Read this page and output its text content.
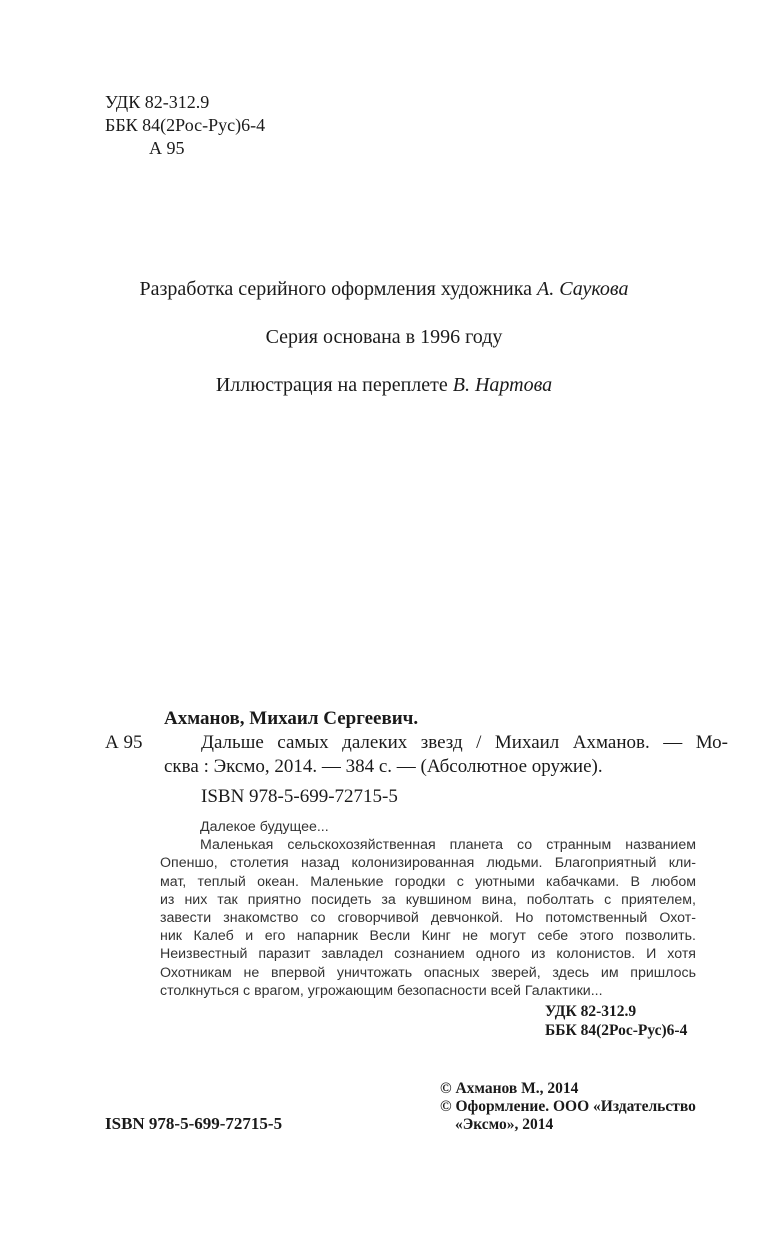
УДК 82-312.9
ББК 84(2Рос-Рус)6-4
А 95
Разработка серийного оформления художника А. Саукова
Серия основана в 1996 году
Иллюстрация на переплете В. Нартова
Ахманов, Михаил Сергеевич.
А 95	Дальше самых далеких звезд / Михаил Ахманов. — Мо-
сква : Эксмо, 2014. — 384 с. — (Абсолютное оружие).
ISBN 978-5-699-72715-5
Далекое будущее...
Маленькая сельскохозяйственная планета со странным названием
Опеншо, столетия назад колонизированная людьми. Благоприятный кли-
мат, теплый океан. Маленькие городки с уютными кабачками. В любом
из них так приятно посидеть за кувшином вина, поболтать с приятелем,
завести знакомство со сговорчивой девчонкой. Но потомственный Охот-
ник Калеб и его напарник Весли Кинг не могут себе этого позволить.
Неизвестный паразит завладел сознанием одного из колонистов. И хотя
Охотникам не впервой уничтожать опасных зверей, здесь им пришлось
столкнуться с врагом, угрожающим безопасности всей Галактики...
УДК 82-312.9
ББК 84(2Рос-Рус)6-4
© Ахманов М., 2014
© Оформление. ООО «Издательство
«Эксмо», 2014
ISBN 978-5-699-72715-5
